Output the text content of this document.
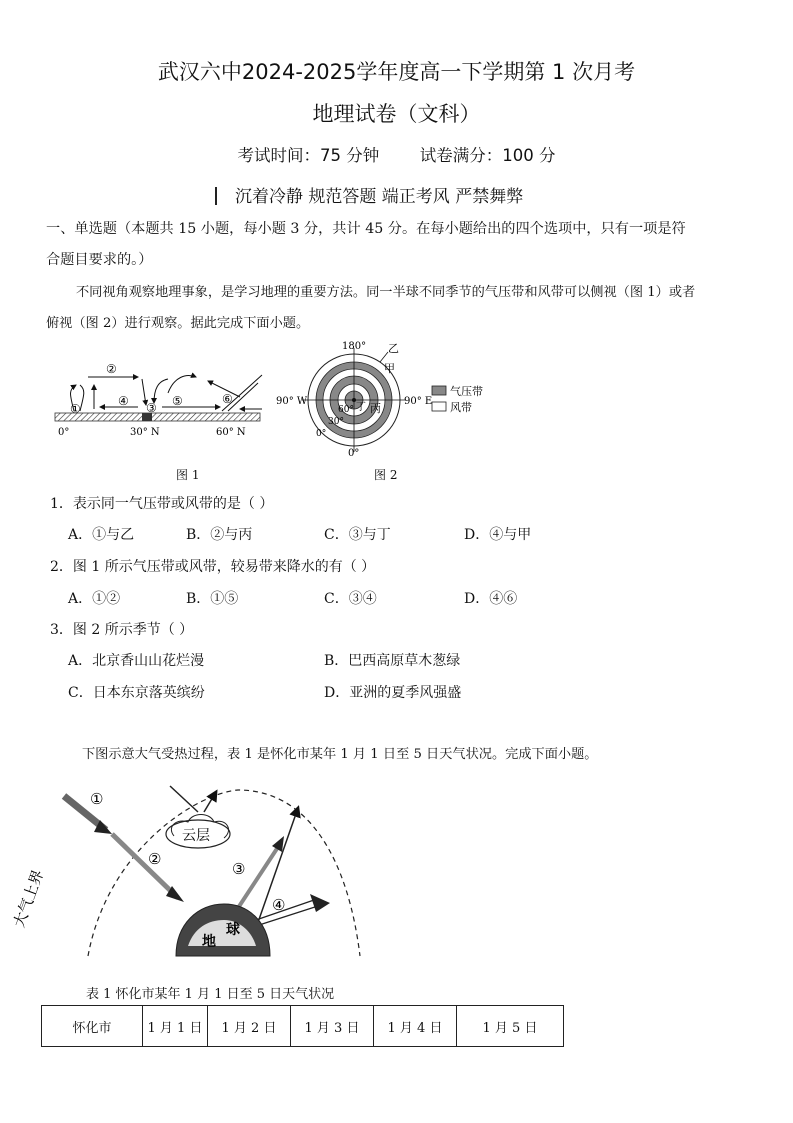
武汉六中2024-2025学年度高一下学期第 1 次月考
地理试卷（文科）
考试时间：75 分钟 试卷满分：100 分
沉着冷静 规范答题 端正考风 严禁舞弊
一、单选题（本题共 15 小题，每小题 3 分，共计 45 分。在每小题给出的四个选项中，只有一项是符
合题目要求的。）
不同视角观察地理事象，是学习地理的重要方法。同一半球不同季节的气压带和风带可以侧视（图 1）或者
俯视（图 2）进行观察。据此完成下面小题。
①
②
③
④	⑤	⑥
0°	30° N	60° N
图 1
180°
0°
90° W	90° E
乙
甲
丙
丁
30°
60°
0°
气压带
风带
图 2
1．表示同一气压带或风带的是（ ）
A．①与乙	B．②与丙	C．③与丁	D．④与甲
2．图 1 所示气压带或风带，较易带来降水的有（ ）
A．①②	B．①⑤	C．③④	D．④⑥
3．图 2 所示季节（ ）
A．北京香山山花烂漫	B．巴西高原草木葱绿
C．日本东京落英缤纷	D．亚洲的夏季风强盛
下图示意大气受热过程，表 1 是怀化市某年 1 月 1 日至 5 日天气状况。完成下面小题。
大气上界
云层
地
球
①
②
③
④
表 1 怀化市某年 1 月 1 日至 5 日天气状况
怀化市	1 月 1 日	1 月 2 日	1 月 3 日	1 月 4 日	1 月 5 日
